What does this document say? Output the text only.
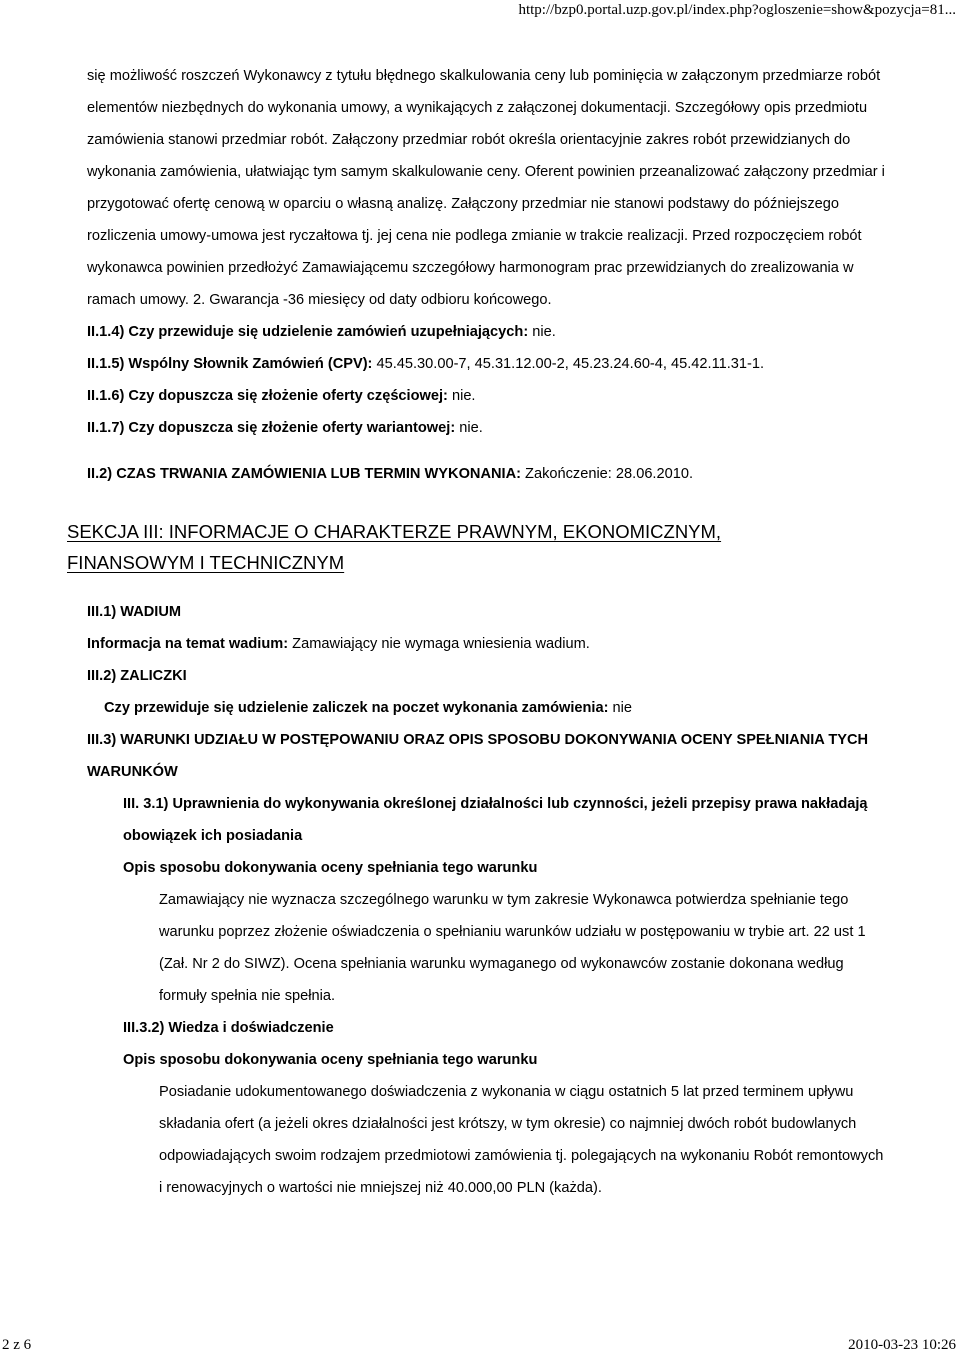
http://bzp0.portal.uzp.gov.pl/index.php?ogloszenie=show&pozycja=81...

się możliwość roszczeń Wykonawcy z tytułu błędnego skalkulowania ceny lub pominięcia w załączonym przedmiarze robót elementów niezbędnych do wykonania umowy, a wynikających z załączonej dokumentacji. Szczegółowy opis przedmiotu zamówienia stanowi przedmiar robót. Załączony przedmiar robót określa orientacyjnie zakres robót przewidzianych do wykonania zamówienia, ułatwiając tym samym skalkulowanie ceny. Oferent powinien przeanalizować załączony przedmiar i przygotować ofertę cenową w oparciu o własną analizę. Załączony przedmiar nie stanowi podstawy do późniejszego rozliczenia umowy-umowa jest ryczałtowa tj. jej cena nie podlega zmianie w trakcie realizacji. Przed rozpoczęciem robót wykonawca powinien przedłożyć Zamawiającemu szczegółowy harmonogram prac przewidzianych do zrealizowania w ramach umowy. 2. Gwarancja -36 miesięcy od daty odbioru końcowego.

II.1.4) Czy przewiduje się udzielenie zamówień uzupełniających: nie.

II.1.5) Wspólny Słownik Zamówień (CPV): 45.45.30.00-7, 45.31.12.00-2, 45.23.24.60-4, 45.42.11.31-1.

II.1.6) Czy dopuszcza się złożenie oferty częściowej: nie.

II.1.7) Czy dopuszcza się złożenie oferty wariantowej: nie.

II.2) CZAS TRWANIA ZAMÓWIENIA LUB TERMIN WYKONANIA: Zakończenie: 28.06.2010.

SEKCJA III: INFORMACJE O CHARAKTERZE PRAWNYM, EKONOMICZNYM, FINANSOWYM I TECHNICZNYM

III.1) WADIUM

Informacja na temat wadium: Zamawiający nie wymaga wniesienia wadium.

III.2) ZALICZKI

Czy przewiduje się udzielenie zaliczek na poczet wykonania zamówienia: nie

III.3) WARUNKI UDZIAŁU W POSTĘPOWANIU ORAZ OPIS SPOSOBU DOKONYWANIA OCENY SPEŁNIANIA TYCH WARUNKÓW

III. 3.1) Uprawnienia do wykonywania określonej działalności lub czynności, jeżeli przepisy prawa nakładają obowiązek ich posiadania

Opis sposobu dokonywania oceny spełniania tego warunku

Zamawiający nie wyznacza szczególnego warunku w tym zakresie Wykonawca potwierdza spełnianie tego warunku poprzez złożenie oświadczenia o spełnianiu warunków udziału w postępowaniu w trybie art. 22 ust 1 (Zał. Nr 2 do SIWZ). Ocena spełniania warunku wymaganego od wykonawców zostanie dokonana według formuły spełnia nie spełnia.

III.3.2) Wiedza i doświadczenie

Opis sposobu dokonywania oceny spełniania tego warunku

Posiadanie udokumentowanego doświadczenia z wykonania w ciągu ostatnich 5 lat przed terminem upływu składania ofert (a jeżeli okres działalności jest krótszy, w tym okresie) co najmniej dwóch robót budowlanych odpowiadających swoim rodzajem przedmiotowi zamówienia tj. polegających na wykonaniu Robót remontowych i renowacyjnych o wartości nie mniejszej niż 40.000,00 PLN (każda).

2 z 6	2010-03-23 10:26
